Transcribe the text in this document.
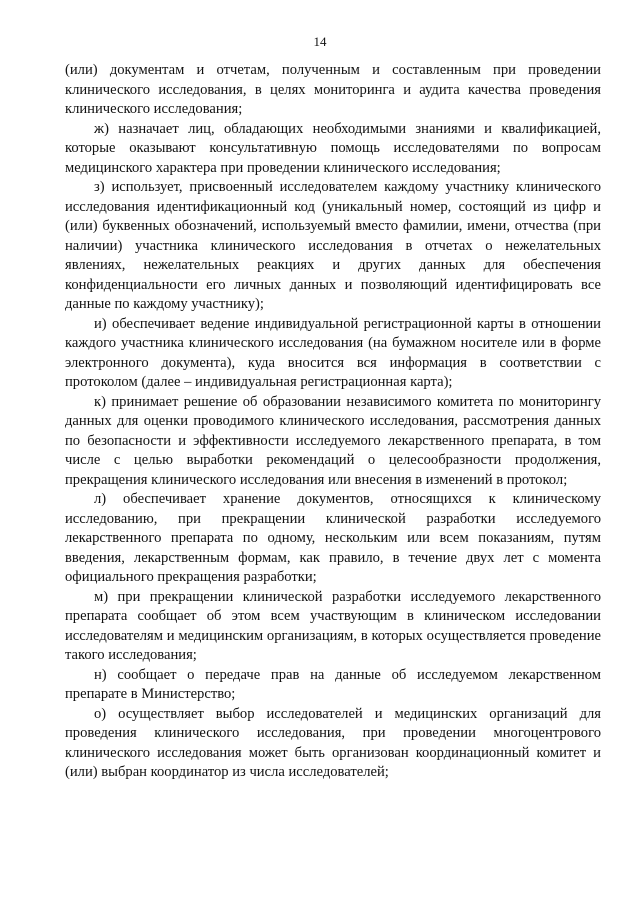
14

(или) документам и отчетам, полученным и составленным при проведении клинического исследования, в целях мониторинга и аудита качества проведения клинического исследования;

ж) назначает лиц, обладающих необходимыми знаниями и квалификацией, которые оказывают консультативную помощь исследователями по вопросам медицинского характера при проведении клинического исследования;

з) использует, присвоенный исследователем каждому участнику клинического исследования идентификационный код (уникальный номер, состоящий из цифр и (или) буквенных обозначений, используемый вместо фамилии, имени, отчества (при наличии) участника клинического исследования в отчетах о нежелательных явлениях, нежелательных реакциях и других данных для обеспечения конфиденциальности его личных данных и позволяющий идентифицировать все данные по каждому участнику);

и) обеспечивает ведение индивидуальной регистрационной карты в отношении каждого участника клинического исследования (на бумажном носителе или в форме электронного документа), куда вносится вся информация в соответствии с протоколом (далее – индивидуальная регистрационная карта);

к) принимает решение об образовании независимого комитета по мониторингу данных для оценки проводимого клинического исследования, рассмотрения данных по безопасности и эффективности исследуемого лекарственного препарата, в том числе с целью выработки рекомендаций о целесообразности продолжения, прекращения клинического исследования или внесения в изменений в протокол;

л) обеспечивает хранение документов, относящихся к клиническому исследованию, при прекращении клинической разработки исследуемого лекарственного препарата по одному, нескольким или всем показаниям, путям введения, лекарственным формам, как правило, в течение двух лет с момента официального прекращения разработки;

м) при прекращении клинической разработки исследуемого лекарственного препарата сообщает об этом всем участвующим в клиническом исследовании исследователям и медицинским организациям, в которых осуществляется проведение такого исследования;

н) сообщает о передаче прав на данные об исследуемом лекарственном препарате в Министерство;

о) осуществляет выбор исследователей и медицинских организаций для проведения клинического исследования, при проведении многоцентрового клинического исследования может быть организован координационный комитет и (или) выбран координатор из числа исследователей;
